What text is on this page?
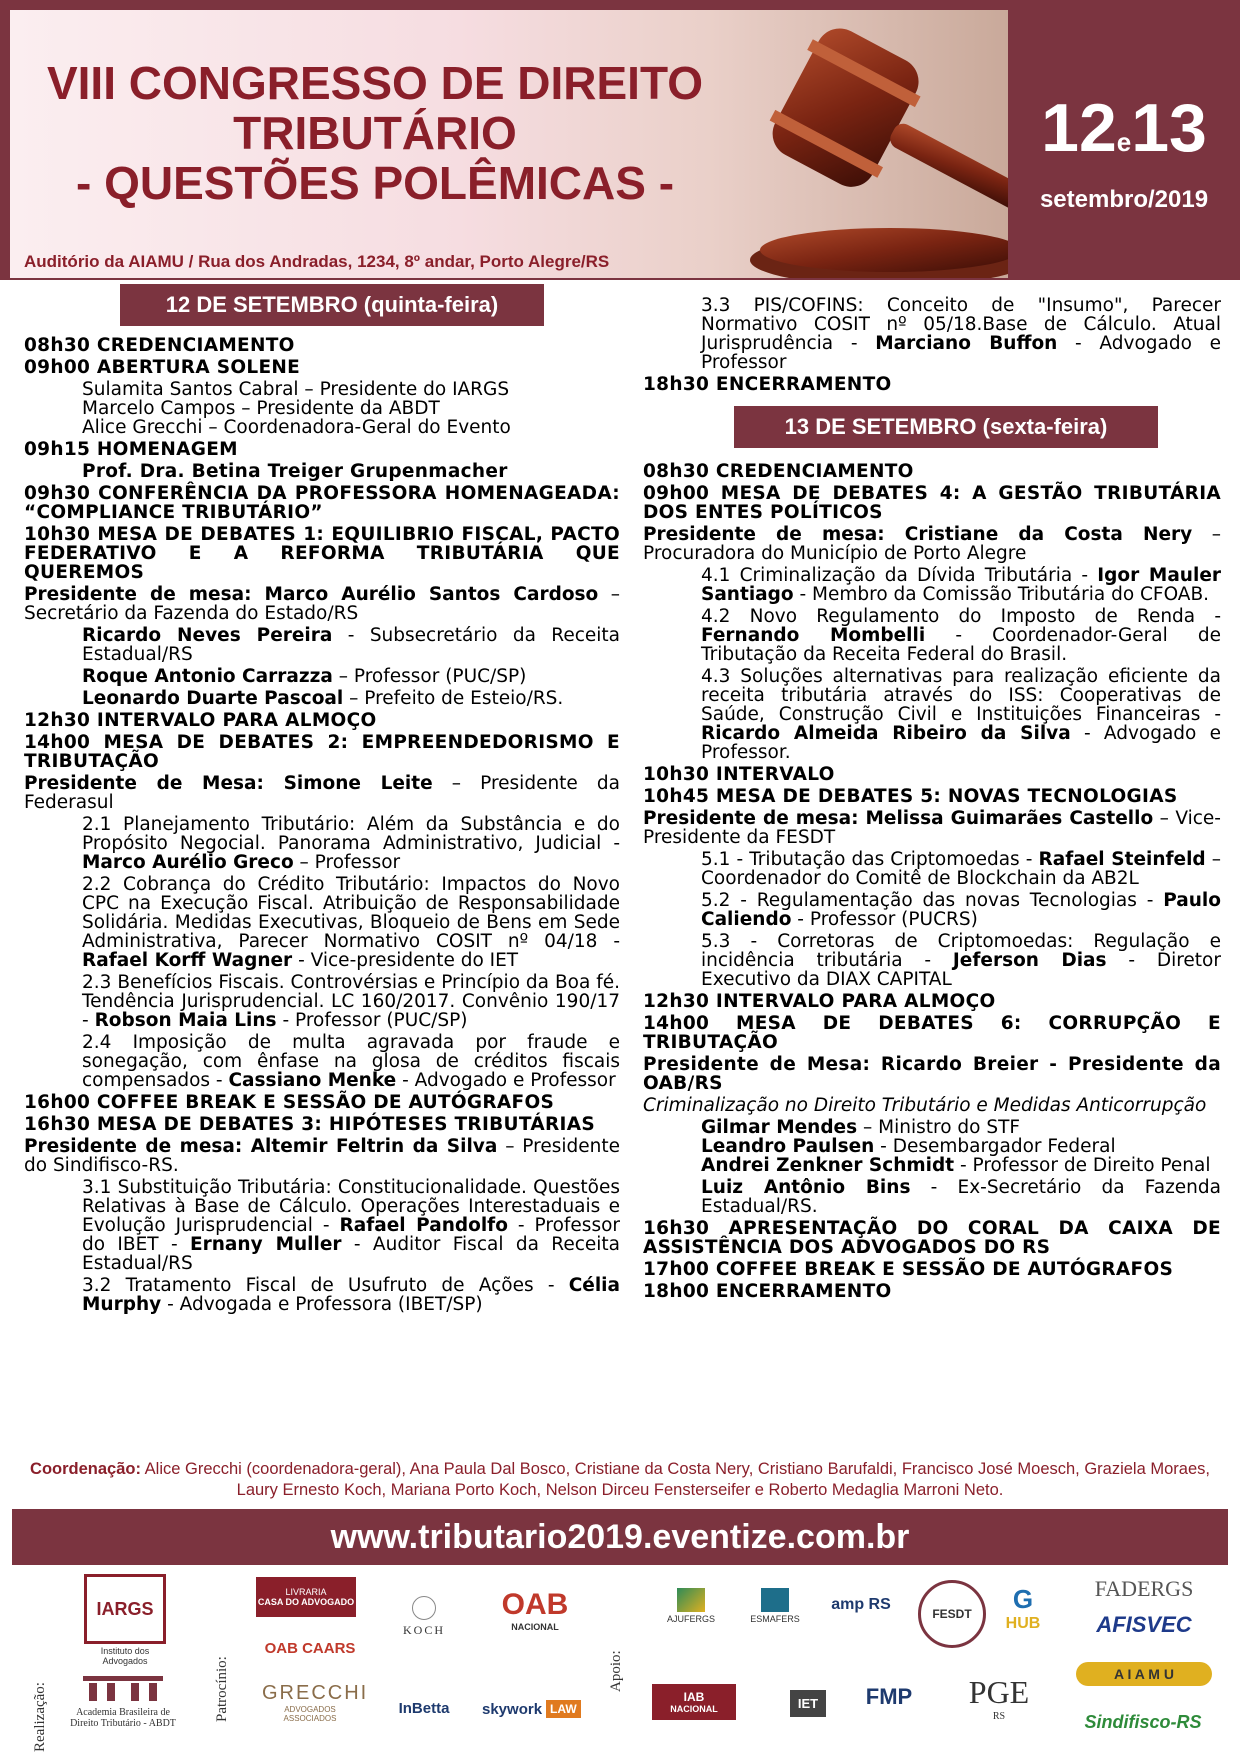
VIII CONGRESSO DE DIREITO
TRIBUTÁRIO
- QUESTÕES POLÊMICAS -
Auditório da AIAMU / Rua dos Andradas, 1234, 8º andar, Porto Alegre/RS
12e13
setembro/2019
12 DE SETEMBRO (quinta-feira)

08h30 CREDENCIAMENTO

09h00 ABERTURA SOLENE

Sulamita Santos Cabral – Presidente do IARGS

Marcelo Campos – Presidente da ABDT

Alice Grecchi – Coordenadora-Geral do Evento

09h15 HOMENAGEM

Prof. Dra. Betina Treiger Grupenmacher

09h30 CONFERÊNCIA DA PROFESSORA HOMENAGEADA: “COMPLIANCE TRIBUTÁRIO”

10h30 MESA DE DEBATES 1: EQUILIBRIO FISCAL, PACTO FEDERATIVO E A REFORMA TRIBUTÁRIA QUE QUEREMOS

Presidente de mesa: Marco Aurélio Santos Cardoso – Secretário da Fazenda do Estado/RS

Ricardo Neves Pereira - Subsecretário da Receita Estadual/RS

Roque Antonio Carrazza – Professor (PUC/SP)

Leonardo Duarte Pascoal – Prefeito de Esteio/RS.

12h30 INTERVALO PARA ALMOÇO

14h00 MESA DE DEBATES 2: EMPREENDEDORISMO E TRIBUTAÇÃO

Presidente de Mesa: Simone Leite – Presidente da Federasul

2.1 Planejamento Tributário: Além da Substância e do Propósito Negocial. Panorama Administrativo, Judicial - Marco Aurélio Greco – Professor

2.2 Cobrança do Crédito Tributário: Impactos do Novo CPC na Execução Fiscal. Atribuição de Responsabilidade Solidária. Medidas Executivas, Bloqueio de Bens em Sede Administrativa, Parecer Normativo COSIT nº 04/18 - Rafael Korff Wagner - Vice-presidente do IET

2.3 Benefícios Fiscais. Controvérsias e Princípio da Boa fé. Tendência Jurisprudencial. LC 160/2017. Convênio 190/17 - Robson Maia Lins - Professor (PUC/SP)

2.4 Imposição de multa agravada por fraude e sonegação, com ênfase na glosa de créditos fiscais compensados - Cassiano Menke - Advogado e Professor

16h00 COFFEE BREAK E SESSÃO DE AUTÓGRAFOS

16h30 MESA DE DEBATES 3: HIPÓTESES TRIBUTÁRIAS

Presidente de mesa: Altemir Feltrin da Silva – Presidente do Sindifisco-RS.

3.1 Substituição Tributária: Constitucionalidade. Questões Relativas à Base de Cálculo. Operações Interestaduais e Evolução Jurisprudencial - Rafael Pandolfo - Professor do IBET - Ernany Muller - Auditor Fiscal da Receita Estadual/RS

3.2 Tratamento Fiscal de Usufruto de Ações - Célia Murphy - Advogada e Professora (IBET/SP)

3.3 PIS/COFINS: Conceito de "Insumo", Parecer Normativo COSIT nº 05/18.Base de Cálculo. Atual Jurisprudência - Marciano Buffon - Advogado e Professor

18h30 ENCERRAMENTO

13 DE SETEMBRO (sexta-feira)

08h30 CREDENCIAMENTO

09h00 MESA DE DEBATES 4: A GESTÃO TRIBUTÁRIA DOS ENTES POLÍTICOS

Presidente de mesa: Cristiane da Costa Nery – Procuradora do Município de Porto Alegre

4.1 Criminalização da Dívida Tributária - Igor Mauler Santiago - Membro da Comissão Tributária do CFOAB.

4.2 Novo Regulamento do Imposto de Renda - Fernando Mombelli - Coordenador-Geral de Tributação da Receita Federal do Brasil.

4.3 Soluções alternativas para realização eficiente da receita tributária através do ISS: Cooperativas de Saúde, Construção Civil e Instituições Financeiras - Ricardo Almeida Ribeiro da Silva - Advogado e Professor.

10h30 INTERVALO

10h45 MESA DE DEBATES 5: NOVAS TECNOLOGIAS

Presidente de mesa: Melissa Guimarães Castello – Vice-Presidente da FESDT

5.1 - Tributação das Criptomoedas - Rafael Steinfeld – Coordenador do Comitê de Blockchain da AB2L

5.2 - Regulamentação das novas Tecnologias - Paulo Caliendo - Professor (PUCRS)

5.3 - Corretoras de Criptomoedas: Regulação e incidência tributária - Jeferson Dias - Diretor Executivo da DIAX CAPITAL

12h30 INTERVALO PARA ALMOÇO

14h00 MESA DE DEBATES 6: CORRUPÇÃO E TRIBUTAÇÃO

Presidente de Mesa: Ricardo Breier - Presidente da OAB/RS

Criminalização no Direito Tributário e Medidas Anticorrupção

Gilmar Mendes – Ministro do STF

Leandro Paulsen - Desembargador Federal

Andrei Zenkner Schmidt - Professor de Direito Penal

Luiz Antônio Bins - Ex-Secretário da Fazenda Estadual/RS.

16h30 APRESENTAÇÃO DO CORAL DA CAIXA DE ASSISTÊNCIA DOS ADVOGADOS DO RS

17h00 COFFEE BREAK E SESSÃO DE AUTÓGRAFOS

18h00 ENCERRAMENTO

Coordenação: Alice Grecchi (coordenadora-geral), Ana Paula Dal Bosco, Cristiane da Costa Nery, Cristiano Barufaldi, Francisco José Moesch, Graziela Moraes, Laury Ernesto Koch, Mariana Porto Koch, Nelson Dirceu Fensterseifer e Roberto Medaglia Marroni Neto.
www.tributario2019.eventize.com.br
Realização:	Patrocínio:	Apoio:
IARGS
Instituto dos Advogados
Academia Brasileira de Direito Tributário - ABDT
LIVRARIA
CASA DO ADVOGADO
OAB CAARS
GRECCHI
ADVOGADOS ASSOCIADOS
KOCH
OAB
NACIONAL
InBetta	skywork LAW
AJUFERGS	ESMAFERS
amp RS
FESDT	G
HUB
FADERGS
AFISVEC
IAB
NACIONAL	IET	FMP	PGE
RS
A I A M U
Sindifisco-RS
